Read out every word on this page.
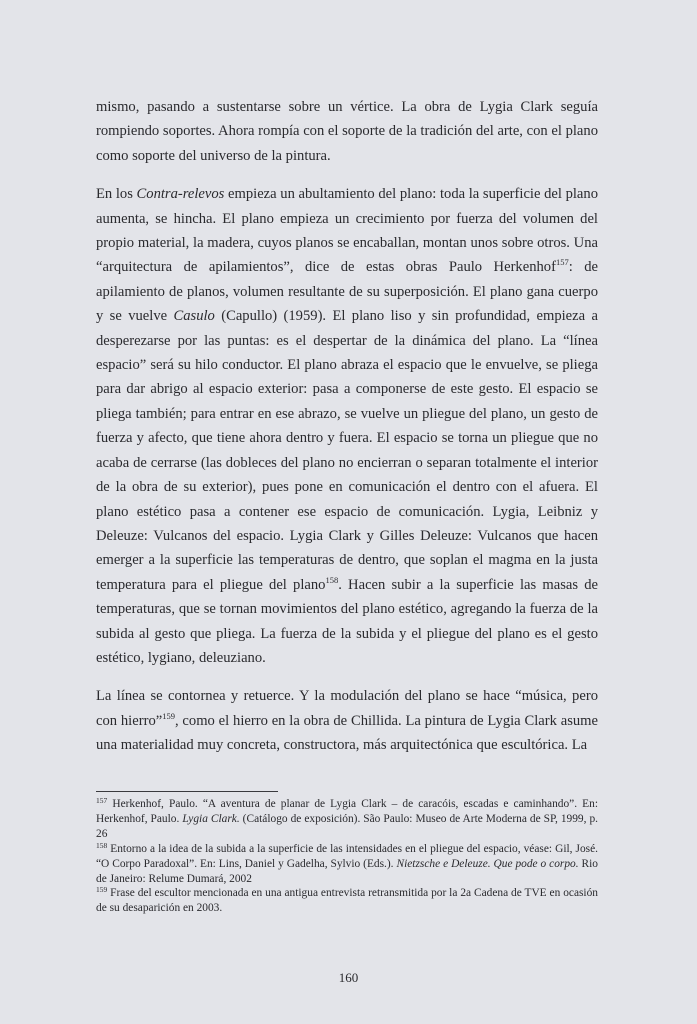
mismo, pasando a sustentarse sobre un vértice. La obra de Lygia Clark seguía rompiendo soportes. Ahora rompía con el soporte de la tradición del arte, con el plano como soporte del universo de la pintura.

En los Contra-relevos empieza un abultamiento del plano: toda la superficie del plano aumenta, se hincha. El plano empieza un crecimiento por fuerza del volumen del propio material, la madera, cuyos planos se encaballan, montan unos sobre otros. Una “arquitectura de apilamientos”, dice de estas obras Paulo Herkenhof$^{157}$: de apilamiento de planos, volumen resultante de su superposición. El plano gana cuerpo y se vuelve Casulo (Capullo) (1959). El plano liso y sin profundidad, empieza a desperezarse por las puntas: es el despertar de la dinámica del plano. La “línea espacio” será su hilo conductor. El plano abraza el espacio que le envuelve, se pliega para dar abrigo al espacio exterior: pasa a componerse de este gesto. El espacio se pliega también; para entrar en ese abrazo, se vuelve un pliegue del plano, un gesto de fuerza y afecto, que tiene ahora dentro y fuera. El espacio se torna un pliegue que no acaba de cerrarse (las dobleces del plano no encierran o separan totalmente el interior de la obra de su exterior), pues pone en comunicación el dentro con el afuera. El plano estético pasa a contener ese espacio de comunicación. Lygia, Leibniz y Deleuze: Vulcanos del espacio. Lygia Clark y Gilles Deleuze: Vulcanos que hacen emerger a la superficie las temperaturas de dentro, que soplan el magma en la justa temperatura para el pliegue del plano$^{158}$. Hacen subir a la superficie las masas de temperaturas, que se tornan movimientos del plano estético, agregando la fuerza de la subida al gesto que pliega. La fuerza de la subida y el pliegue del plano es el gesto estético, lygiano, deleuziano.

La línea se contornea y retuerce. Y la modulación del plano se hace “música, pero con hierro”$^{159}$, como el hierro en la obra de Chillida. La pintura de Lygia Clark asume una materialidad muy concreta, constructora, más arquitectónica que escultórica. La

$^{157}$ Herkenhof, Paulo. “A aventura de planar de Lygia Clark – de caracóis, escadas e caminhando”. En: Herkenhof, Paulo. Lygia Clark. (Catálogo de exposición). São Paulo: Museo de Arte Moderna de SP, 1999, p. 26

$^{158}$ Entorno a la idea de la subida a la superficie de las intensidades en el pliegue del espacio, véase: Gil, José. “O Corpo Paradoxal”. En: Lins, Daniel y Gadelha, Sylvio (Eds.). Nietzsche e Deleuze. Que pode o corpo. Rio de Janeiro: Relume Dumará, 2002

$^{159}$ Frase del escultor mencionada en una antigua entrevista retransmitida por la 2a Cadena de TVE en ocasión de su desaparición en 2003.

160
